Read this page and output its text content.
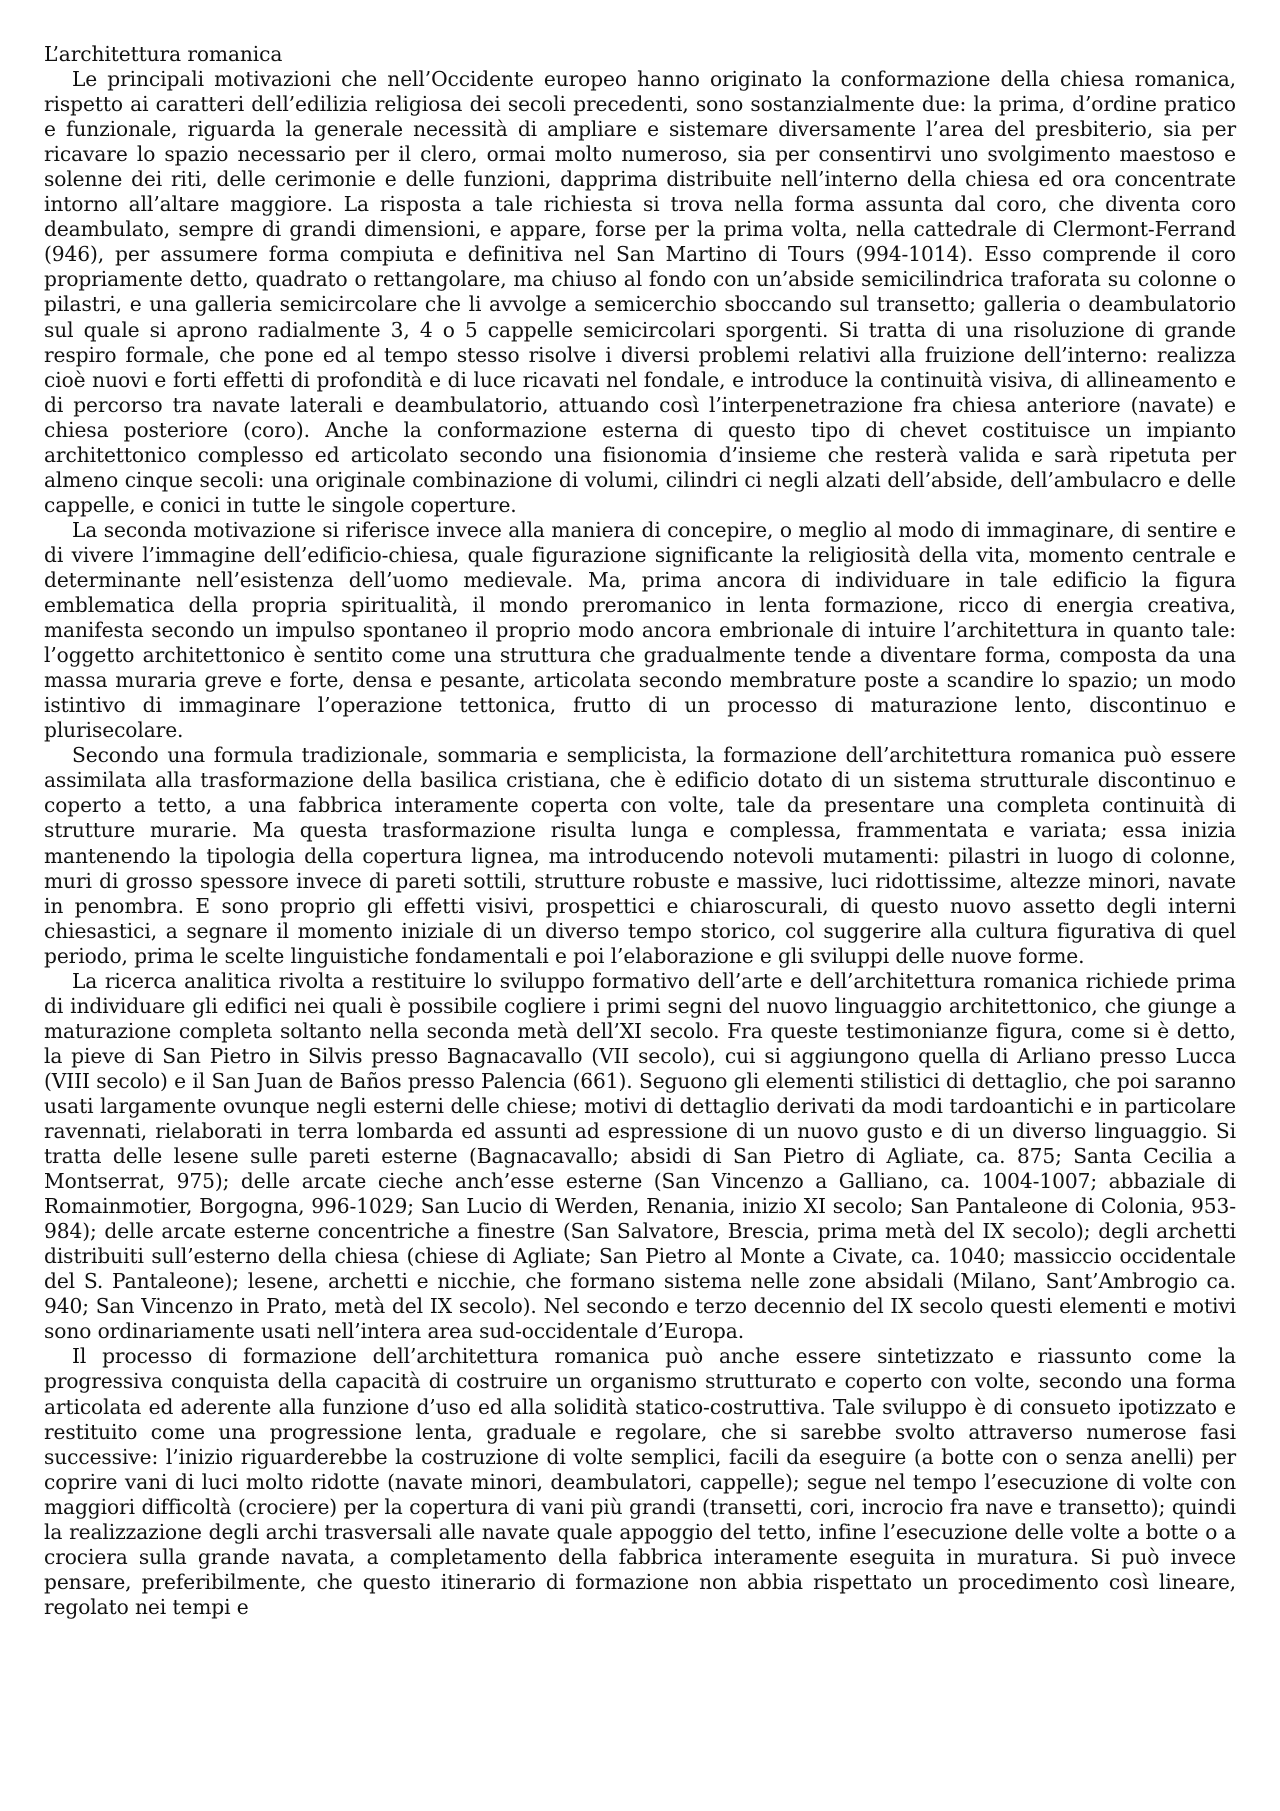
L’architettura romanica

Le principali motivazioni che nell’Occidente europeo hanno originato la conformazione della chiesa romanica, rispetto ai caratteri dell’edilizia religiosa dei secoli precedenti, sono sostanzialmente due: la prima, d’ordine pratico e funzionale, riguarda la generale necessità di ampliare e sistemare diversamente l’area del presbiterio, sia per ricavare lo spazio necessario per il clero, ormai molto numeroso, sia per consentirvi uno svolgimento maestoso e solenne dei riti, delle cerimonie e delle funzioni, dapprima distribuite nell’interno della chiesa ed ora concentrate intorno all’altare maggiore. La risposta a tale richiesta si trova nella forma assunta dal coro, che diventa coro deambulato, sempre di grandi dimensioni, e appare, forse per la prima volta, nella cattedrale di Clermont-Ferrand (946), per assumere forma compiuta e definitiva nel San Martino di Tours (994-1014). Esso comprende il coro propriamente detto, quadrato o rettangolare, ma chiuso al fondo con un’abside semicilindrica traforata su colonne o pilastri, e una galleria semicircolare che li avvolge a semicerchio sboccando sul transetto; galleria o deambulatorio sul quale si aprono radialmente 3, 4 o 5 cappelle semicircolari sporgenti. Si tratta di una risoluzione di grande respiro formale, che pone ed al tempo stesso risolve i diversi problemi relativi alla fruizione dell’interno: realizza cioè nuovi e forti effetti di profondità e di luce ricavati nel fondale, e introduce la continuità visiva, di allineamento e di percorso tra navate laterali e deambulatorio, attuando così l’interpenetrazione fra chiesa anteriore (navate) e chiesa posteriore (coro). Anche la conformazione esterna di questo tipo di chevet costituisce un impianto architettonico complesso ed articolato secondo una fisionomia d’insieme che resterà valida e sarà ripetuta per almeno cinque secoli: una originale combinazione di volumi, cilindri ci negli alzati dell’abside, dell’ambulacro e delle cappelle, e conici in tutte le singole coperture.

La seconda motivazione si riferisce invece alla maniera di concepire, o meglio al modo di immaginare, di sentire e di vivere l’immagine dell’edificio-chiesa, quale figurazione significante la religiosità della vita, momento centrale e determinante nell’esistenza dell’uomo medievale. Ma, prima ancora di individuare in tale edificio la figura emblematica della propria spiritualità, il mondo preromanico in lenta formazione, ricco di energia creativa, manifesta secondo un impulso spontaneo il proprio modo ancora embrionale di intuire l’architettura in quanto tale: l’oggetto architettonico è sentito come una struttura che gradualmente tende a diventare forma, composta da una massa muraria greve e forte, densa e pesante, articolata secondo membrature poste a scandire lo spazio; un modo istintivo di immaginare l’operazione tettonica, frutto di un processo di maturazione lento, discontinuo e plurisecolare.

Secondo una formula tradizionale, sommaria e semplicista, la formazione dell’architettura romanica può essere assimilata alla trasformazione della basilica cristiana, che è edificio dotato di un sistema strutturale discontinuo e coperto a tetto, a una fabbrica interamente coperta con volte, tale da presentare una completa continuità di strutture murarie. Ma questa trasformazione risulta lunga e complessa, frammentata e variata; essa inizia mantenendo la tipologia della copertura lignea, ma introducendo notevoli mutamenti: pilastri in luogo di colonne, muri di grosso spessore invece di pareti sottili, strutture robuste e massive, luci ridottissime, altezze minori, navate in penombra. E sono proprio gli effetti visivi, prospettici e chiaroscurali, di questo nuovo assetto degli interni chiesastici, a segnare il momento iniziale di un diverso tempo storico, col suggerire alla cultura figurativa di quel periodo, prima le scelte linguistiche fondamentali e poi l’elaborazione e gli sviluppi delle nuove forme.

La ricerca analitica rivolta a restituire lo sviluppo formativo dell’arte e dell’architettura romanica richiede prima di individuare gli edifici nei quali è possibile cogliere i primi segni del nuovo linguaggio architettonico, che giunge a maturazione completa soltanto nella seconda metà dell’XI secolo. Fra queste testimonianze figura, come si è detto, la pieve di San Pietro in Silvis presso Bagnacavallo (VII secolo), cui si aggiungono quella di Arliano presso Lucca (VIII secolo) e il San Juan de Baños presso Palencia (661). Seguono gli elementi stilistici di dettaglio, che poi saranno usati largamente ovunque negli esterni delle chiese; motivi di dettaglio derivati da modi tardoantichi e in particolare ravennati, rielaborati in terra lombarda ed assunti ad espressione di un nuovo gusto e di un diverso linguaggio. Si tratta delle lesene sulle pareti esterne (Bagnacavallo; absidi di San Pietro di Agliate, ca. 875; Santa Cecilia a Montserrat, 975); delle arcate cieche anch’esse esterne (San Vincenzo a Galliano, ca. 1004-1007; abbaziale di Romainmotier, Borgogna, 996-1029; San Lucio di Werden, Renania, inizio XI secolo; San Pantaleone di Colonia, 953-984); delle arcate esterne concentriche a finestre (San Salvatore, Brescia, prima metà del IX secolo); degli archetti distribuiti sull’esterno della chiesa (chiese di Agliate; San Pietro al Monte a Civate, ca. 1040; massiccio occidentale del S. Pantaleone); lesene, archetti e nicchie, che formano sistema nelle zone absidali (Milano, Sant’Ambrogio ca. 940; San Vincenzo in Prato, metà del IX secolo). Nel secondo e terzo decennio del IX secolo questi elementi e motivi sono ordinariamente usati nell’intera area sud-occidentale d’Europa.

Il processo di formazione dell’architettura romanica può anche essere sintetizzato e riassunto come la progressiva conquista della capacità di costruire un organismo strutturato e coperto con volte, secondo una forma articolata ed aderente alla funzione d’uso ed alla solidità statico-costruttiva. Tale sviluppo è di consueto ipotizzato e restituito come una progressione lenta, graduale e regolare, che si sarebbe svolto attraverso numerose fasi successive: l’inizio riguarderebbe la costruzione di volte semplici, facili da eseguire (a botte con o senza anelli) per coprire vani di luci molto ridotte (navate minori, deambulatori, cappelle); segue nel tempo l’esecuzione di volte con maggiori difficoltà (crociere) per la copertura di vani più grandi (transetti, cori, incrocio fra nave e transetto); quindi la realizzazione degli archi trasversali alle navate quale appoggio del tetto, infine l’esecuzione delle volte a botte o a crociera sulla grande navata, a completamento della fabbrica interamente eseguita in muratura. Si può invece pensare, preferibilmente, che questo itinerario di formazione non abbia rispettato un procedimento così lineare, regolato nei tempi e
